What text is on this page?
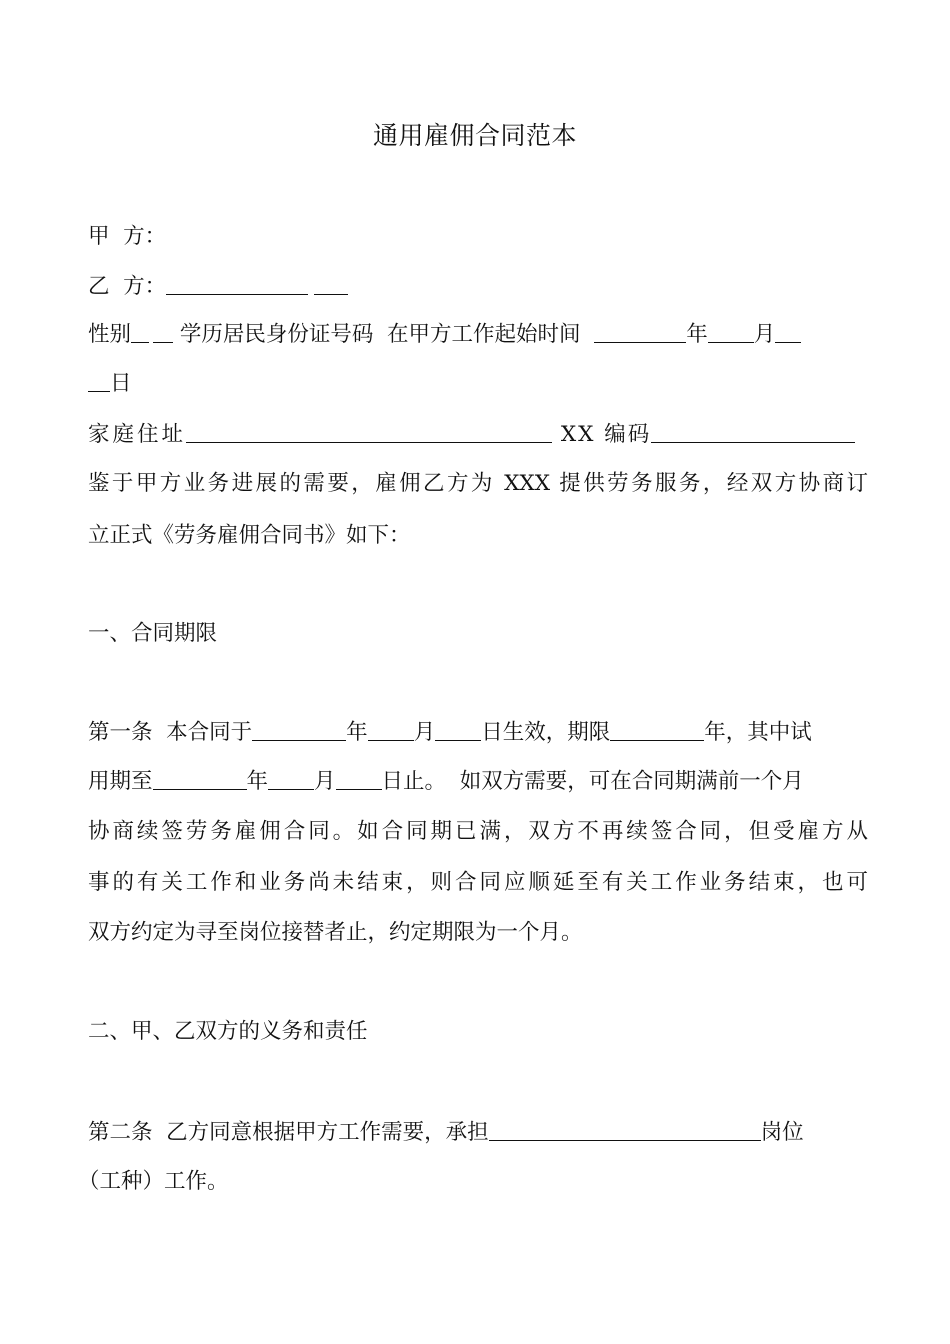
通用雇佣合同范本
甲  方：
乙  方：
性别 学历居民身份证号码  在甲方工作起始时间	年 月
日
家庭住址	XX 编码
鉴于甲方业务进展的需要，雇佣乙方为 XXX 提供劳务服务，经双方协商订
立正式《劳务雇佣合同书》如下：
一、合同期限
第一条  本合同于	年 月 日生效，期限	年，其中试
用期至	年 月 日止。  如双方需要，可在合同期满前一个月
协商续签劳务雇佣合同。如合同期已满，双方不再续签合同，但受雇方从
事的有关工作和业务尚未结束，则合同应顺延至有关工作业务结束，也可
双方约定为寻至岗位接替者止，约定期限为一个月。
二、甲、乙双方的义务和责任
第二条  乙方同意根据甲方工作需要，承担	岗位
（工种）工作。
